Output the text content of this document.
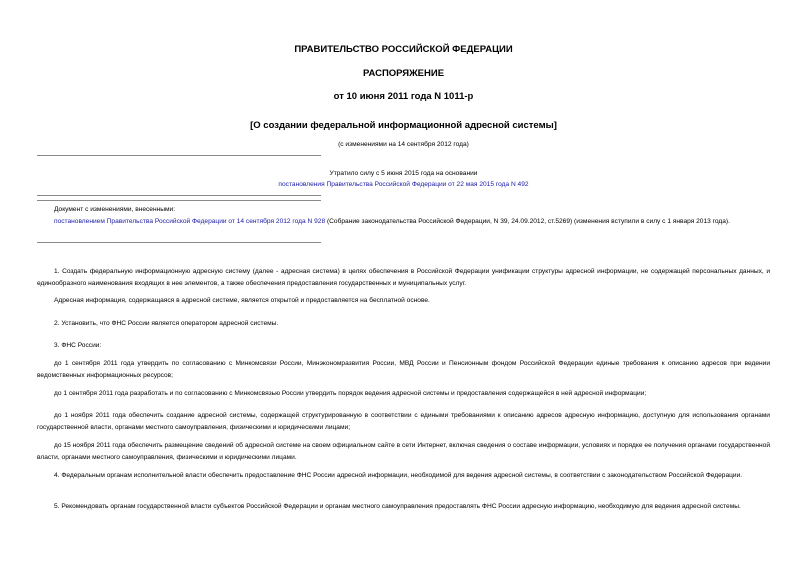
ПРАВИТЕЛЬСТВО РОССИЙСКОЙ ФЕДЕРАЦИИ
РАСПОРЯЖЕНИЕ
от 10 июня 2011 года N 1011-р
[О создании федеральной информационной адресной системы]
(с изменениями на 14 сентября 2012 года)
Утратило силу с 5 июня 2015 года на основании
постановления Правительства Российской Федерации от 22 мая 2015 года N 492
Документ с изменениями, внесенными:
постановлением Правительства Российской Федерации от 14 сентября 2012 года N 928 (Собрание законодательства Российской Федерации, N 39, 24.09.2012, ст.5269) (изменения вступили в силу с 1 января 2013 года).
1. Создать федеральную информационную адресную систему (далее - адресная система) в целях обеспечения в Российской Федерации унификации структуры адресной информации, не содержащей персональных данных, и единообразного наименования входящих в нее элементов, а также обеспечения предоставления государственных и муниципальных услуг.
Адресная информация, содержащаяся в адресной системе, является открытой и предоставляется на бесплатной основе.
2. Установить, что ФНС России является оператором адресной системы.
3. ФНС России:
до 1 сентября 2011 года утвердить по согласованию с Минкомсвязи России, Минэкономразвития России, МВД России и Пенсионным фондом Российской Федерации единые требования к описанию адресов при ведении ведомственных информационных ресурсов;
до 1 сентября 2011 года разработать и по согласованию с Минкомсвязью России утвердить порядок ведения адресной системы и предоставления содержащейся в ней адресной информации;
до 1 ноября 2011 года обеспечить создание адресной системы, содержащей структурированную в соответствии с едиными требованиями к описанию адресов адресную информацию, доступную для использования органами государственной власти, органами местного самоуправления, физическими и юридическими лицами;
до 15 ноября 2011 года обеспечить размещение сведений об адресной системе на своем официальном сайте в сети Интернет, включая сведения о составе информации, условиях и порядке ее получения органами государственной власти, органами местного самоуправления, физическими и юридическими лицами.
4. Федеральным органам исполнительной власти обеспечить предоставление ФНС России адресной информации, необходимой для ведения адресной системы, в соответствии с законодательством Российской Федерации.
5. Рекомендовать органам государственной власти субъектов Российской Федерации и органам местного самоуправления предоставлять ФНС России адресную информацию, необходимую для ведения адресной системы.
